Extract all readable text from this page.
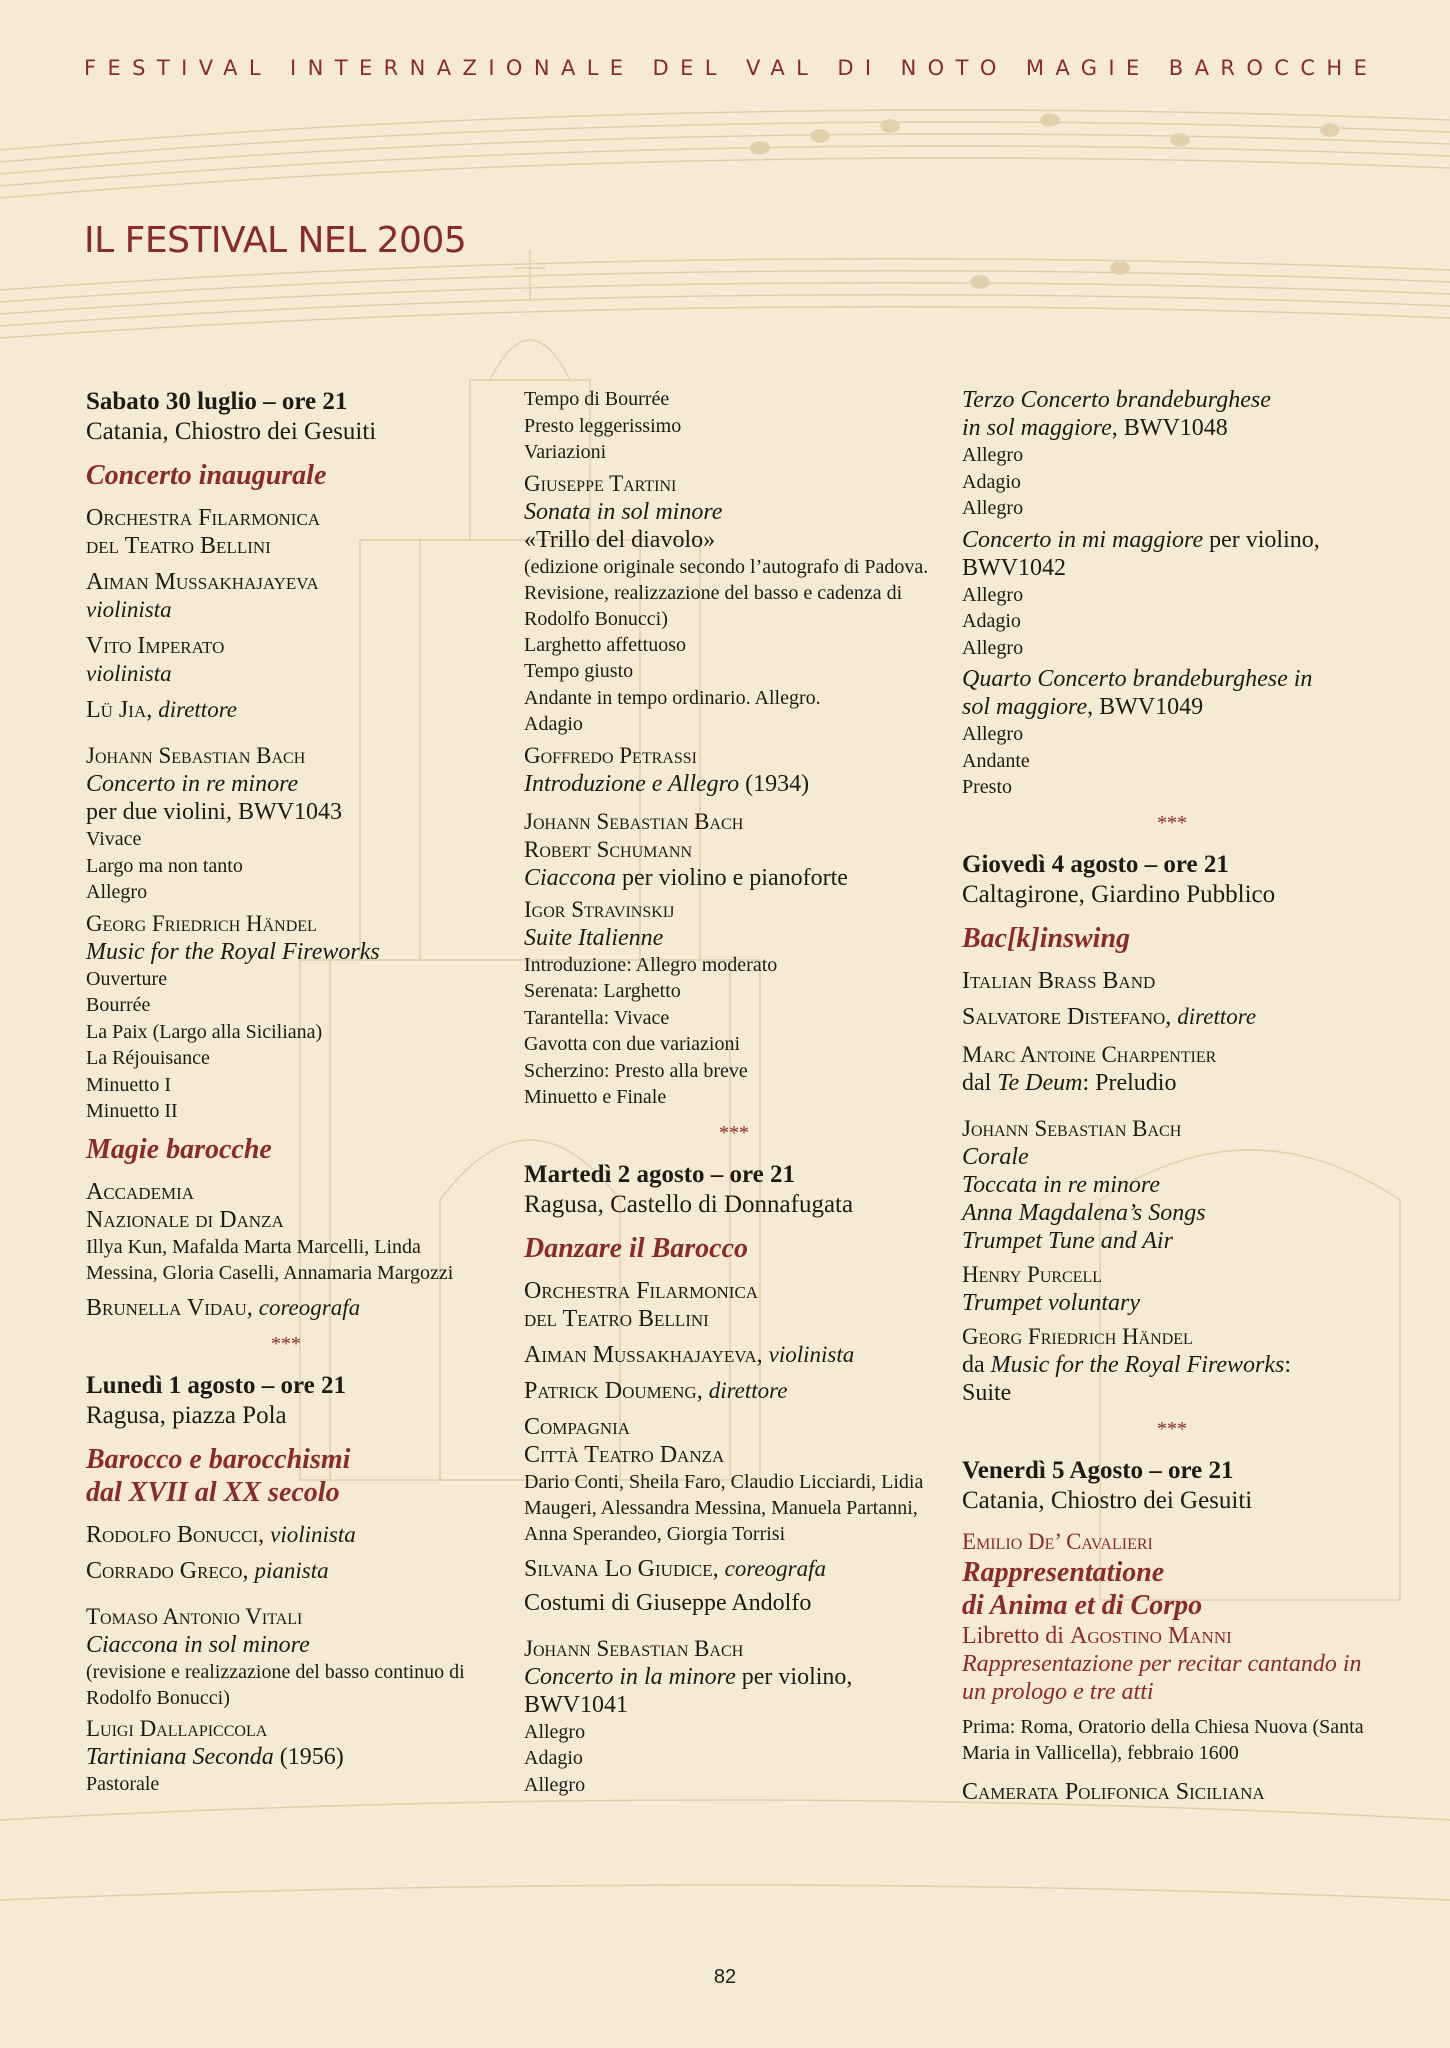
FESTIVAL INTERNAZIONALE DEL VAL DI NOTO MAGIE BAROCCHE
IL FESTIVAL NEL 2005
Sabato 30 luglio – ore 21
Catania, Chiostro dei Gesuiti
Concerto inaugurale
Orchestra Filarmonica
del Teatro Bellini
Aiman Mussakhajayeva
violinista
Vito Imperato
violinista
Lü Jia, direttore
Johann Sebastian Bach
Concerto in re minore
per due violini, BWV1043
Vivace
Largo ma non tanto
Allegro
Georg Friedrich Händel
Music for the Royal Fireworks
Ouverture
Bourrée
La Paix (Largo alla Siciliana)
La Réjouisance
Minuetto I
Minuetto II
Magie barocche
Accademia
Nazionale di Danza
Illya Kun, Mafalda Marta Marcelli, Linda Messina, Gloria Caselli, Annamaria Margozzi
Brunella Vidau, coreografa
***
Lunedì 1 agosto – ore 21
Ragusa, piazza Pola
Barocco e barocchismi
dal XVII al XX secolo
Rodolfo Bonucci, violinista
Corrado Greco, pianista
Tomaso Antonio Vitali
Ciaccona in sol minore
(revisione e realizzazione del basso continuo di Rodolfo Bonucci)
Luigi Dallapiccola
Tartiniana Seconda (1956)
Pastorale
Tempo di Bourrée
Presto leggerissimo
Variazioni
Giuseppe Tartini
Sonata in sol minore
«Trillo del diavolo»
(edizione originale secondo l’autografo di Padova. Revisione, realizzazione del basso e cadenza di Rodolfo Bonucci)
Larghetto affettuoso
Tempo giusto
Andante in tempo ordinario. Allegro.
Adagio
Goffredo Petrassi
Introduzione e Allegro (1934)
Johann Sebastian Bach
Robert Schumann
Ciaccona per violino e pianoforte
Igor Stravinskij
Suite Italienne
Introduzione: Allegro moderato
Serenata: Larghetto
Tarantella: Vivace
Gavotta con due variazioni
Scherzino: Presto alla breve
Minuetto e Finale
***
Martedì 2 agosto – ore 21
Ragusa, Castello di Donnafugata
Danzare il Barocco
Orchestra Filarmonica
del Teatro Bellini
Aiman Mussakhajayeva, violinista
Patrick Doumeng, direttore
Compagnia
Città Teatro Danza
Dario Conti, Sheila Faro, Claudio Licciardi, Lidia Maugeri, Alessandra Messina, Manuela Partanni, Anna Sperandeo, Giorgia Torrisi
Silvana Lo Giudice, coreografa
Costumi di Giuseppe Andolfo
Johann Sebastian Bach
Concerto in la minore per violino,
BWV1041
Allegro
Adagio
Allegro
Terzo Concerto brandeburghese
in sol maggiore, BWV1048
Allegro
Adagio
Allegro
Concerto in mi maggiore per violino,
BWV1042
Allegro
Adagio
Allegro
Quarto Concerto brandeburghese in
sol maggiore, BWV1049
Allegro
Andante
Presto
***
Giovedì 4 agosto – ore 21
Caltagirone, Giardino Pubblico
Bac[k]inswing
Italian Brass Band
Salvatore Distefano, direttore
Marc Antoine Charpentier
dal Te Deum: Preludio
Johann Sebastian Bach
Corale
Toccata in re minore
Anna Magdalena’s Songs
Trumpet Tune and Air
Henry Purcell
Trumpet voluntary
Georg Friedrich Händel
da Music for the Royal Fireworks:
Suite
***
Venerdì 5 Agosto – ore 21
Catania, Chiostro dei Gesuiti
Emilio De’ Cavalieri
Rappresentatione
di Anima et di Corpo
Libretto di Agostino Manni
Rappresentazione per recitar cantando in un prologo e tre atti
Prima: Roma, Oratorio della Chiesa Nuova (Santa Maria in Vallicella), febbraio 1600
Camerata Polifonica Siciliana
82
